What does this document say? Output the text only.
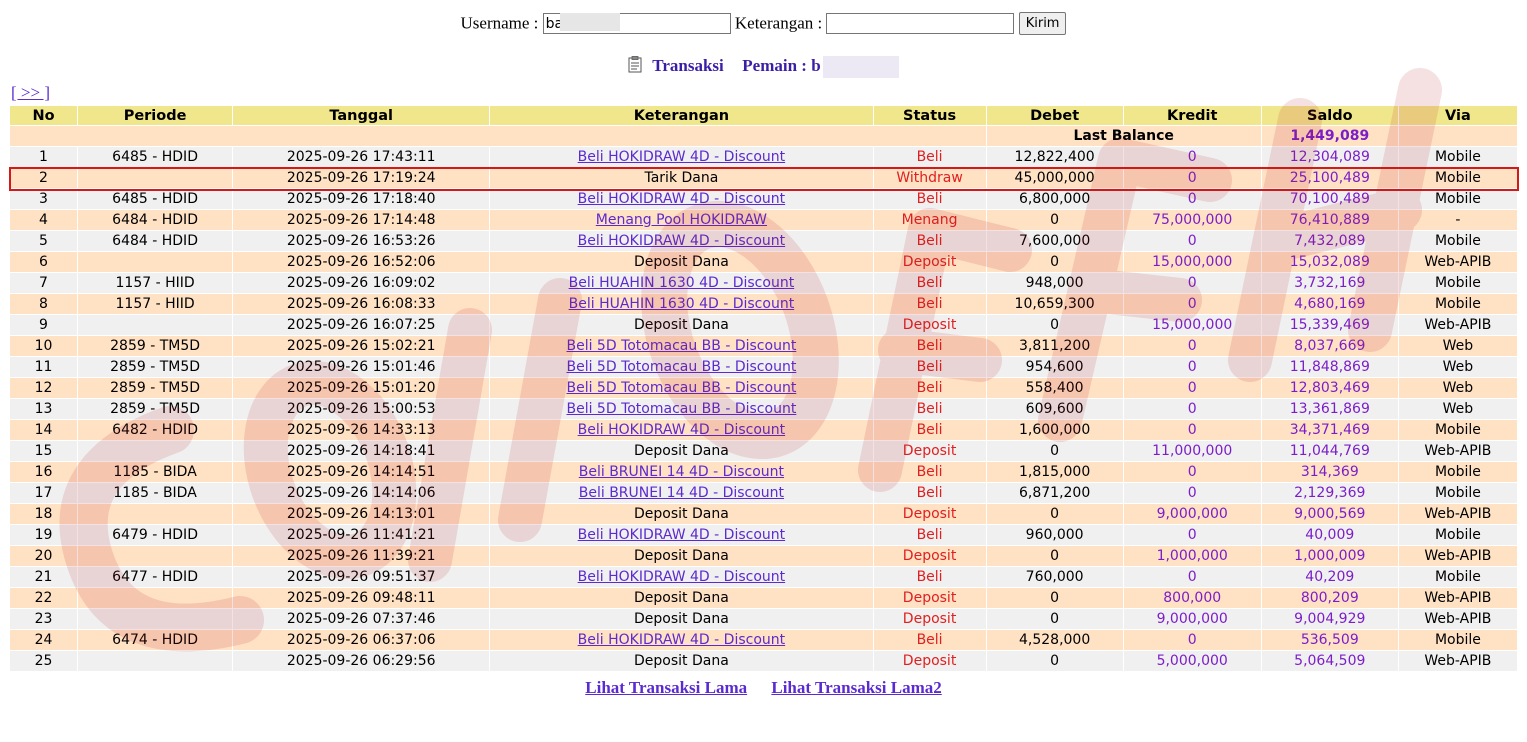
Username : ba	Keterangan :	Kirim
Transaksi Pemain : b
[ >> ]
No	Periode	Tanggal	Keterangan	Status	Debet	Kredit	Saldo	Via
					Last Balance		1,449,089	
1	6485 - HDID	2025-09-26 17:43:11	Beli HOKIDRAW 4D - Discount	Beli	12,822,400	0	12,304,089	Mobile
2		2025-09-26 17:19:24	Tarik Dana	Withdraw	45,000,000	0	25,100,489	Mobile
3	6485 - HDID	2025-09-26 17:18:40	Beli HOKIDRAW 4D - Discount	Beli	6,800,000	0	70,100,489	Mobile
4	6484 - HDID	2025-09-26 17:14:48	Menang Pool HOKIDRAW	Menang	0	75,000,000	76,410,889	-
5	6484 - HDID	2025-09-26 16:53:26	Beli HOKIDRAW 4D - Discount	Beli	7,600,000	0	7,432,089	Mobile
6		2025-09-26 16:52:06	Deposit Dana	Deposit	0	15,000,000	15,032,089	Web-APIB
7	1157 - HIID	2025-09-26 16:09:02	Beli HUAHIN 1630 4D - Discount	Beli	948,000	0	3,732,169	Mobile
8	1157 - HIID	2025-09-26 16:08:33	Beli HUAHIN 1630 4D - Discount	Beli	10,659,300	0	4,680,169	Mobile
9		2025-09-26 16:07:25	Deposit Dana	Deposit	0	15,000,000	15,339,469	Web-APIB
10	2859 - TM5D	2025-09-26 15:02:21	Beli 5D Totomacau BB - Discount	Beli	3,811,200	0	8,037,669	Web
11	2859 - TM5D	2025-09-26 15:01:46	Beli 5D Totomacau BB - Discount	Beli	954,600	0	11,848,869	Web
12	2859 - TM5D	2025-09-26 15:01:20	Beli 5D Totomacau BB - Discount	Beli	558,400	0	12,803,469	Web
13	2859 - TM5D	2025-09-26 15:00:53	Beli 5D Totomacau BB - Discount	Beli	609,600	0	13,361,869	Web
14	6482 - HDID	2025-09-26 14:33:13	Beli HOKIDRAW 4D - Discount	Beli	1,600,000	0	34,371,469	Mobile
15		2025-09-26 14:18:41	Deposit Dana	Deposit	0	11,000,000	11,044,769	Web-APIB
16	1185 - BIDA	2025-09-26 14:14:51	Beli BRUNEI 14 4D - Discount	Beli	1,815,000	0	314,369	Mobile
17	1185 - BIDA	2025-09-26 14:14:06	Beli BRUNEI 14 4D - Discount	Beli	6,871,200	0	2,129,369	Mobile
18		2025-09-26 14:13:01	Deposit Dana	Deposit	0	9,000,000	9,000,569	Web-APIB
19	6479 - HDID	2025-09-26 11:41:21	Beli HOKIDRAW 4D - Discount	Beli	960,000	0	40,009	Mobile
20		2025-09-26 11:39:21	Deposit Dana	Deposit	0	1,000,000	1,000,009	Web-APIB
21	6477 - HDID	2025-09-26 09:51:37	Beli HOKIDRAW 4D - Discount	Beli	760,000	0	40,209	Mobile
22		2025-09-26 09:48:11	Deposit Dana	Deposit	0	800,000	800,209	Web-APIB
23		2025-09-26 07:37:46	Deposit Dana	Deposit	0	9,000,000	9,004,929	Web-APIB
24	6474 - HDID	2025-09-26 06:37:06	Beli HOKIDRAW 4D - Discount	Beli	4,528,000	0	536,509	Mobile
25		2025-09-26 06:29:56	Deposit Dana	Deposit	0	5,000,000	5,064,509	Web-APIB
Lihat Transaksi Lama Lihat Transaksi Lama2
